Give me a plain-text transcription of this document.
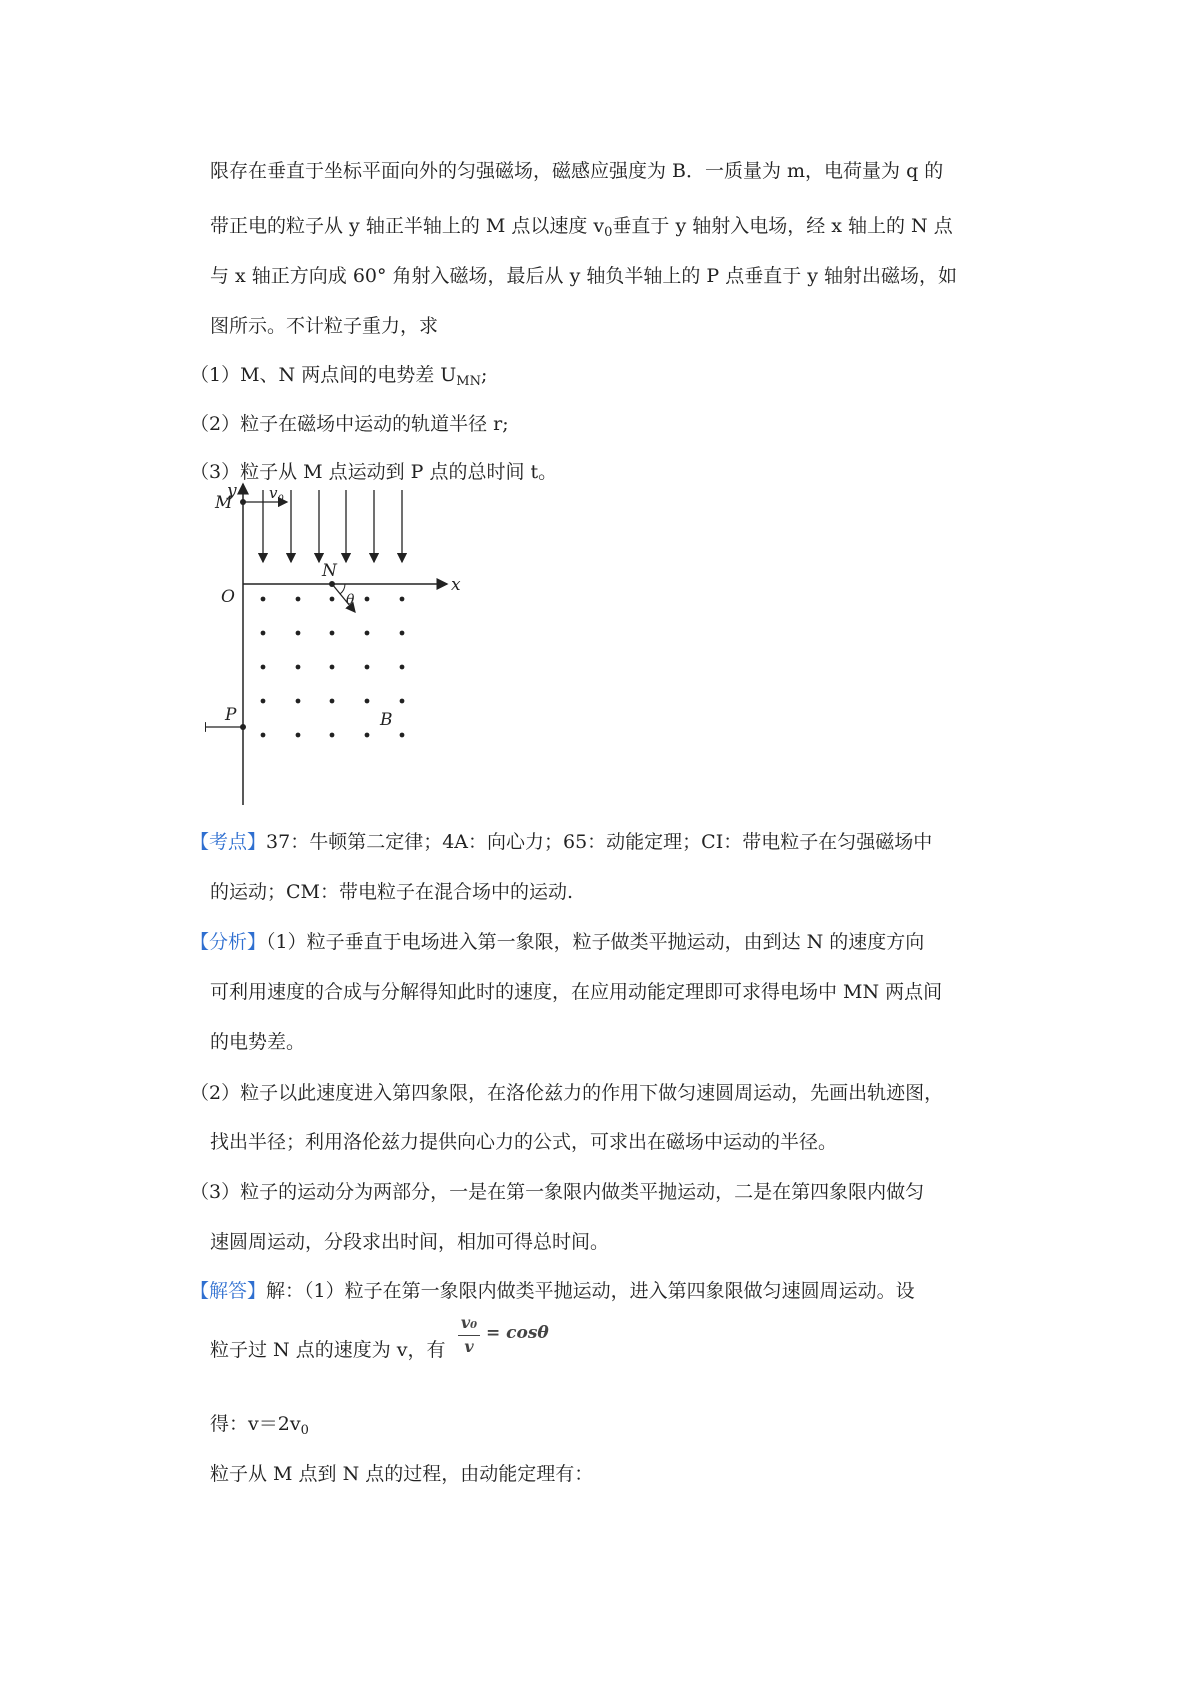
限存在垂直于坐标平面向外的匀强磁场，磁感应强度为 B．一质量为 m，电荷量为 q 的
带正电的粒子从 y 轴正半轴上的 M 点以速度 $v_0$垂直于 y 轴射入电场，经 x 轴上的 N 点
与 x 轴正方向成 60° 角射入磁场，最后从 y 轴负半轴上的 P 点垂直于 y 轴射出磁场，如
图所示。不计粒子重力，求
（1）M、N 两点间的电势差 $U_{MN}$;
（2）粒子在磁场中运动的轨道半径 r;
（3）粒子从 M 点运动到 P 点的总时间 t。
y
x
M
O
N
P	B
θ
$v_0$
【考点】37：牛顿第二定律；4A：向心力；65：动能定理；CI：带电粒子在匀强磁场中
的运动；CM：带电粒子在混合场中的运动.
【分析】（1）粒子垂直于电场进入第一象限，粒子做类平抛运动，由到达 N 的速度方向
可利用速度的合成与分解得知此时的速度，在应用动能定理即可求得电场中 MN 两点间
的电势差。
（2）粒子以此速度进入第四象限，在洛伦兹力的作用下做匀速圆周运动，先画出轨迹图，
找出半径；利用洛伦兹力提供向心力的公式，可求出在磁场中运动的半径。
（3）粒子的运动分为两部分，一是在第一象限内做类平抛运动，二是在第四象限内做匀
速圆周运动，分段求出时间，相加可得总时间。
【解答】解：（1）粒子在第一象限内做类平抛运动，进入第四象限做匀速圆周运动。设
粒子过 N 点的速度为 v，有
v₀
v
= cosθ
得：$v=2v_0$
粒子从 M 点到 N 点的过程，由动能定理有：
